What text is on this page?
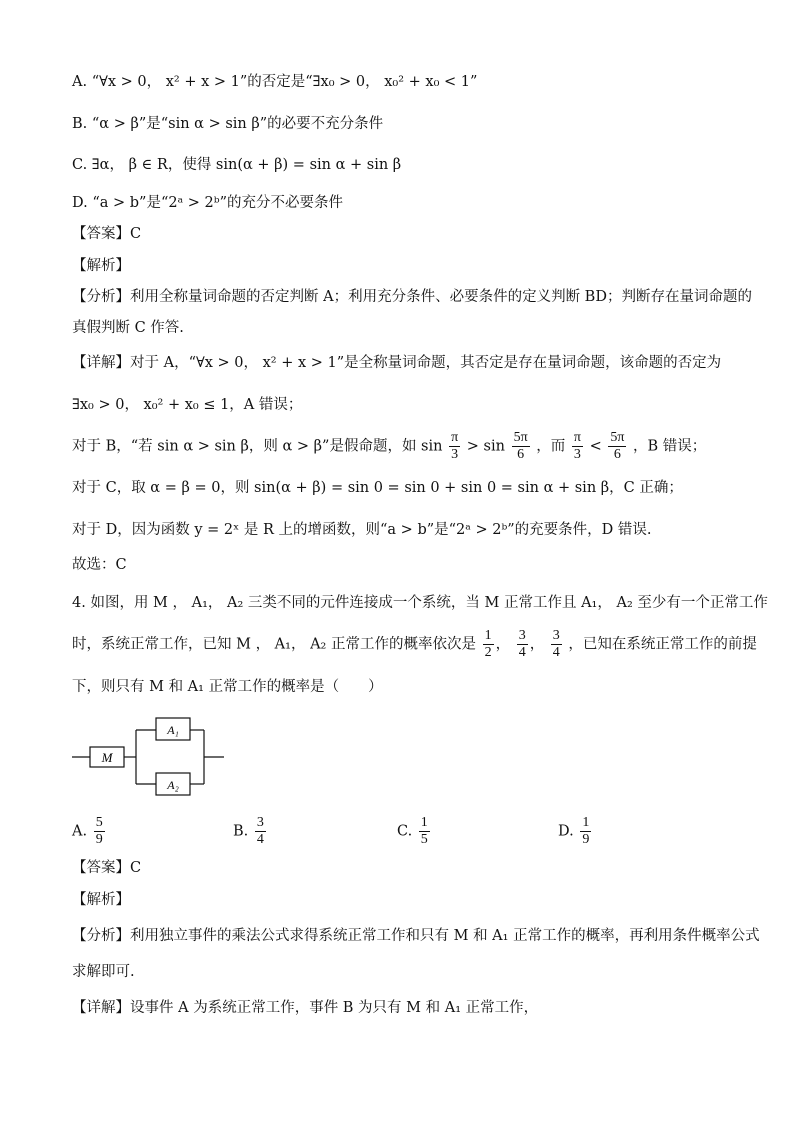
A. “∀x > 0， x² + x > 1”的否定是“∃x₀ > 0， x₀² + x₀ < 1”
B. “α > β”是“sin α > sin β”的必要不充分条件
C. ∃α， β ∈ R，使得 sin(α + β) = sin α + sin β
D. “a > b”是“2ᵃ > 2ᵇ”的充分不必要条件
【答案】C
【解析】
【分析】利用全称量词命题的否定判断 A；利用充分条件、必要条件的定义判断 BD；判断存在量词命题的
真假判断 C 作答.
【详解】对于 A，“∀x > 0， x² + x > 1”是全称量词命题，其否定是存在量词命题，该命题的否定为
∃x₀ > 0， x₀² + x₀ ≤ 1，A 错误；
对于 B，“若 sin α > sin β，则 α > β”是假命题，如 $\sin \frac{\pi}{3} > \sin \frac{5\pi}{6}$ ，而 $\frac{\pi}{3} < \frac{5\pi}{6}$ ，B 错误；
对于 C，取 α = β = 0，则 sin(α + β) = sin 0 = sin 0 + sin 0 = sin α + sin β，C 正确；
对于 D，因为函数 y = 2ˣ 是 R 上的增函数，则“a > b”是“2ᵃ > 2ᵇ”的充要条件，D 错误.
故选：C
4. 如图，用 M ， A₁， A₂ 三类不同的元件连接成一个系统，当 M 正常工作且 A₁， A₂ 至少有一个正常工作
时，系统正常工作，已知 M ， A₁， A₂ 正常工作的概率依次是 $\frac{1}{2}$ ， $\frac{3}{4}$ ， $\frac{3}{4}$ ，已知在系统正常工作的前提
下，则只有 M 和 A₁ 正常工作的概率是（　　）
M
A₁
A₂
A. $\frac{5}{9}$	B. $\frac{3}{4}$	C. $\frac{1}{5}$	D. $\frac{1}{9}$
【答案】C
【解析】
【分析】利用独立事件的乘法公式求得系统正常工作和只有 M 和 A₁ 正常工作的概率，再利用条件概率公式
求解即可.
【详解】设事件 A 为系统正常工作，事件 B 为只有 M 和 A₁ 正常工作，
